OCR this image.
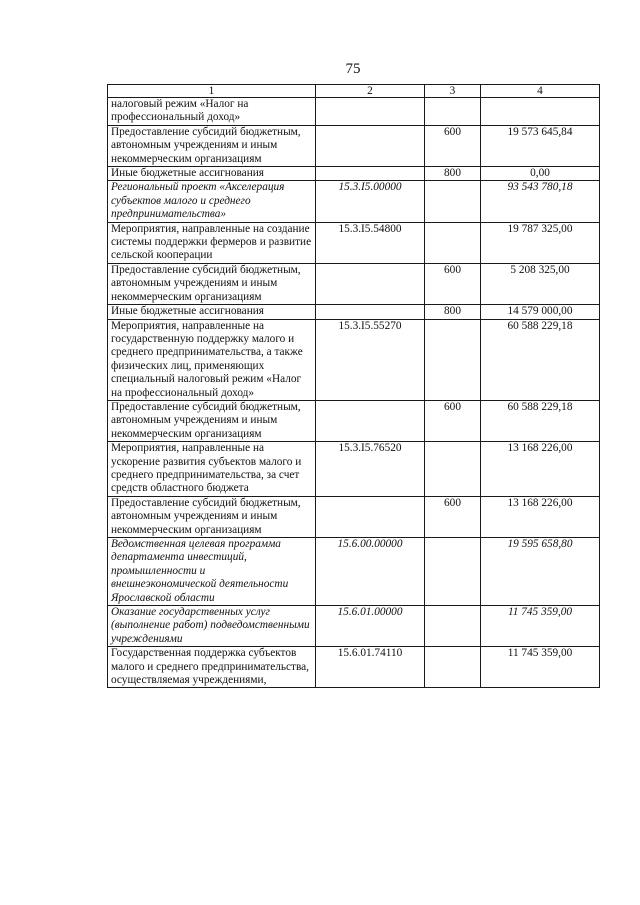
75
1	2	3	4
налоговый режим «Налог на профессиональный доход»			
Предоставление субсидий бюджетным, автономным учреждениям и иным некоммерческим организациям		600	19 573 645,84
Иные бюджетные ассигнования		800	0,00
Региональный проект «Акселерация субъектов малого и среднего предпринимательства»	15.3.I5.00000		93 543 780,18
Мероприятия, направленные на создание системы поддержки фермеров и развитие сельской кооперации	15.3.I5.54800		19 787 325,00
Предоставление субсидий бюджетным, автономным учреждениям и иным некоммерческим организациям		600	5 208 325,00
Иные бюджетные ассигнования		800	14 579 000,00
Мероприятия, направленные на государственную поддержку малого и среднего предпринимательства, а также физических лиц, применяющих специальный налоговый режим «Налог на профессиональный доход»	15.3.I5.55270		60 588 229,18
Предоставление субсидий бюджетным, автономным учреждениям и иным некоммерческим организациям		600	60 588 229,18
Мероприятия, направленные на ускорение развития субъектов малого и среднего предпринимательства, за счет средств областного бюджета	15.3.I5.76520		13 168 226,00
Предоставление субсидий бюджетным, автономным учреждениям и иным некоммерческим организациям		600	13 168 226,00
Ведомственная целевая программа департамента инвестиций, промышленности и внешнеэкономической деятельности Ярославской области	15.6.00.00000		19 595 658,80
Оказание государственных услуг (выполнение работ) подведомственными учреждениями	15.6.01.00000		11 745 359,00
Государственная поддержка субъектов малого и среднего предпринимательства, осуществляемая учреждениями,	15.6.01.74110		11 745 359,00
